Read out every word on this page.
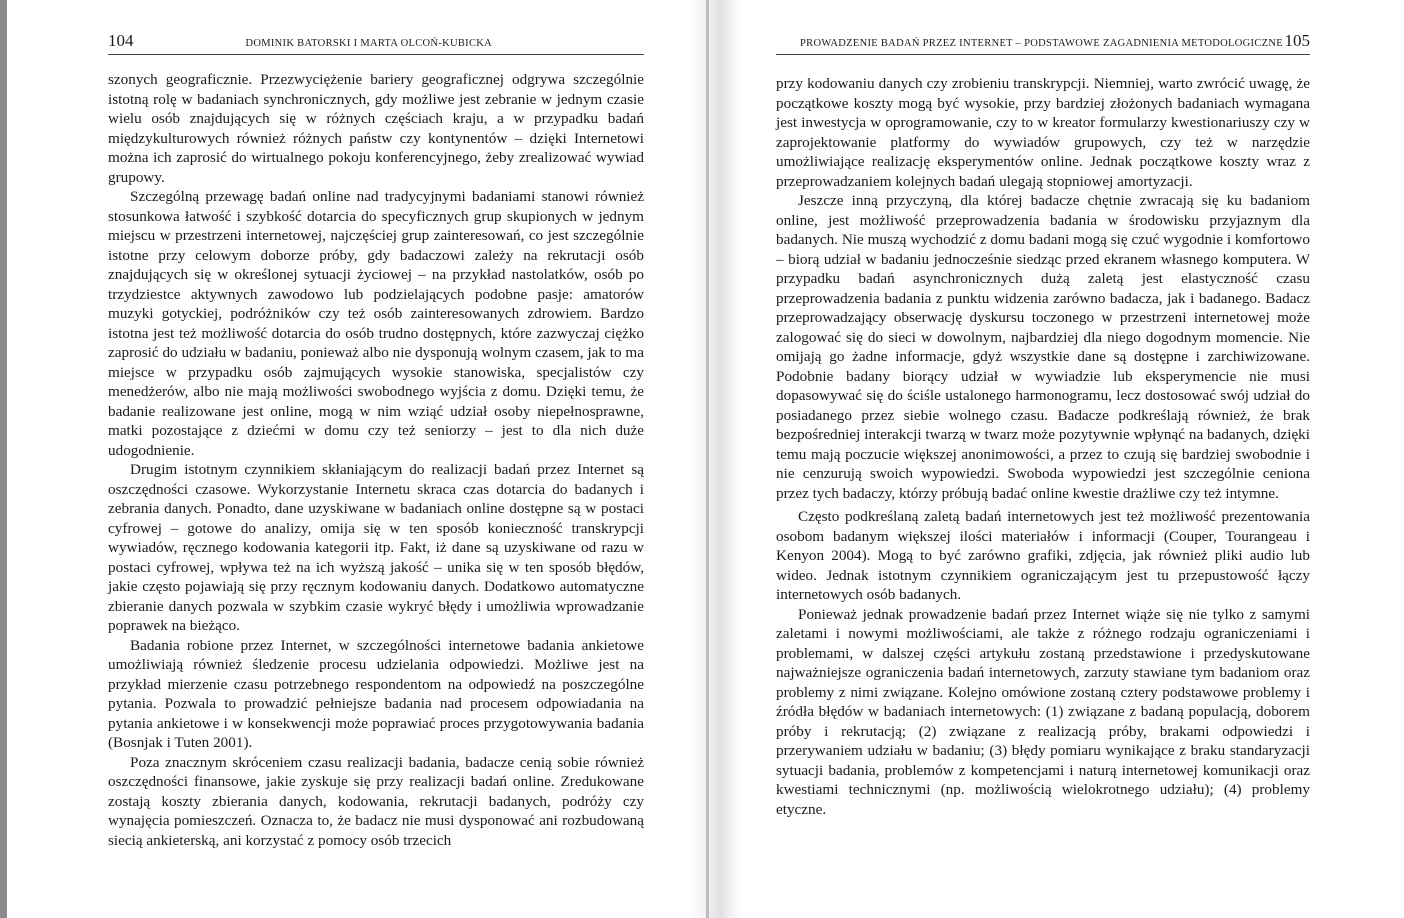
104	DOMINIK BATORSKI I MARTA OLCOŃ-KUBICKA

szonych geograficznie. Przezwyciężenie bariery geograficznej odgrywa szczególnie istotną rolę w badaniach synchronicznych, gdy możliwe jest zebranie w jednym czasie wielu osób znajdujących się w różnych częściach kraju, a w przypadku badań międzykulturowych również różnych państw czy kontynentów – dzięki Internetowi można ich zaprosić do wirtualnego pokoju konferencyjnego, żeby zrealizować wywiad grupowy.

Szczególną przewagę badań online nad tradycyjnymi badaniami stanowi również stosunkowa łatwość i szybkość dotarcia do specyficznych grup skupionych w jednym miejscu w przestrzeni internetowej, najczęściej grup zainteresowań, co jest szczególnie istotne przy celowym doborze próby, gdy badaczowi zależy na rekrutacji osób znajdujących się w określonej sytuacji życiowej – na przykład nastolatków, osób po trzydziestce aktywnych zawodowo lub podzielających podobne pasje: amatorów muzyki gotyckiej, podróżników czy też osób zainteresowanych zdrowiem. Bardzo istotna jest też możliwość dotarcia do osób trudno dostępnych, które zazwyczaj ciężko zaprosić do udziału w badaniu, ponieważ albo nie dysponują wolnym czasem, jak to ma miejsce w przypadku osób zajmujących wysokie stanowiska, specjalistów czy menedżerów, albo nie mają możliwości swobodnego wyjścia z domu. Dzięki temu, że badanie realizowane jest online, mogą w nim wziąć udział osoby niepełnosprawne, matki pozostające z dziećmi w domu czy też seniorzy – jest to dla nich duże udogodnienie.

Drugim istotnym czynnikiem skłaniającym do realizacji badań przez Internet są oszczędności czasowe. Wykorzystanie Internetu skraca czas dotarcia do badanych i zebrania danych. Ponadto, dane uzyskiwane w badaniach online dostępne są w postaci cyfrowej – gotowe do analizy, omija się w ten sposób konieczność transkrypcji wywiadów, ręcznego kodowania kategorii itp. Fakt, iż dane są uzyskiwane od razu w postaci cyfrowej, wpływa też na ich wyższą jakość – unika się w ten sposób błędów, jakie często pojawiają się przy ręcznym kodowaniu danych. Dodatkowo automatyczne zbieranie danych pozwala w szybkim czasie wykryć błędy i umożliwia wprowadzanie poprawek na bieżąco.

Badania robione przez Internet, w szczególności internetowe badania ankietowe umożliwiają również śledzenie procesu udzielania odpowiedzi. Możliwe jest na przykład mierzenie czasu potrzebnego respondentom na odpowiedź na poszczególne pytania. Pozwala to prowadzić pełniejsze badania nad procesem odpowiadania na pytania ankietowe i w konsekwencji może poprawiać proces przygotowywania badania (Bosnjak i Tuten 2001).

Poza znacznym skróceniem czasu realizacji badania, badacze cenią sobie również oszczędności finansowe, jakie zyskuje się przy realizacji badań online. Zredukowane zostają koszty zbierania danych, kodowania, rekrutacji badanych, podróży czy wynajęcia pomieszczeń. Oznacza to, że badacz nie musi dysponować ani rozbudowaną siecią ankieterską, ani korzystać z pomocy osób trzecich

PROWADZENIE BADAŃ PRZEZ INTERNET – PODSTAWOWE ZAGADNIENIA METODOLOGICZNE 105

przy kodowaniu danych czy zrobieniu transkrypcji. Niemniej, warto zwrócić uwagę, że początkowe koszty mogą być wysokie, przy bardziej złożonych badaniach wymagana jest inwestycja w oprogramowanie, czy to w kreator formularzy kwestionariuszy czy w zaprojektowanie platformy do wywiadów grupowych, czy też w narzędzie umożliwiające realizację eksperymentów online. Jednak początkowe koszty wraz z przeprowadzaniem kolejnych badań ulegają stopniowej amortyzacji.

Jeszcze inną przyczyną, dla której badacze chętnie zwracają się ku badaniom online, jest możliwość przeprowadzenia badania w środowisku przyjaznym dla badanych. Nie muszą wychodzić z domu badani mogą się czuć wygodnie i komfortowo – biorą udział w badaniu jednocześnie siedząc przed ekranem własnego komputera. W przypadku badań asynchronicznych dużą zaletą jest elastyczność czasu przeprowadzenia badania z punktu widzenia zarówno badacza, jak i badanego. Badacz przeprowadzający obserwację dyskursu toczonego w przestrzeni internetowej może zalogować się do sieci w dowolnym, najbardziej dla niego dogodnym momencie. Nie omijają go żadne informacje, gdyż wszystkie dane są dostępne i zarchiwizowane. Podobnie badany biorący udział w wywiadzie lub eksperymencie nie musi dopasowywać się do ściśle ustalonego harmonogramu, lecz dostosować swój udział do posiadanego przez siebie wolnego czasu. Badacze podkreślają również, że brak bezpośredniej interakcji twarzą w twarz może pozytywnie wpłynąć na badanych, dzięki temu mają poczucie większej anonimowości, a przez to czują się bardziej swobodnie i nie cenzurują swoich wypowiedzi. Swoboda wypowiedzi jest szczególnie ceniona przez tych badaczy, którzy próbują badać online kwestie drażliwe czy też intymne.

Często podkreślaną zaletą badań internetowych jest też możliwość prezentowania osobom badanym większej ilości materiałów i informacji (Couper, Tourangeau i Kenyon 2004). Mogą to być zarówno grafiki, zdjęcia, jak również pliki audio lub wideo. Jednak istotnym czynnikiem ograniczającym jest tu przepustowość łączy internetowych osób badanych.

Ponieważ jednak prowadzenie badań przez Internet wiąże się nie tylko z samymi zaletami i nowymi możliwościami, ale także z różnego rodzaju ograniczeniami i problemami, w dalszej części artykułu zostaną przedstawione i przedyskutowane najważniejsze ograniczenia badań internetowych, zarzuty stawiane tym badaniom oraz problemy z nimi związane. Kolejno omówione zostaną cztery podstawowe problemy i źródła błędów w badaniach internetowych: (1) związane z badaną populacją, doborem próby i rekrutacją; (2) związane z realizacją próby, brakami odpowiedzi i przerywaniem udziału w badaniu; (3) błędy pomiaru wynikające z braku standaryzacji sytuacji badania, problemów z kompetencjami i naturą internetowej komunikacji oraz kwestiami technicznymi (np. możliwością wielokrotnego udziału); (4) problemy etyczne.
